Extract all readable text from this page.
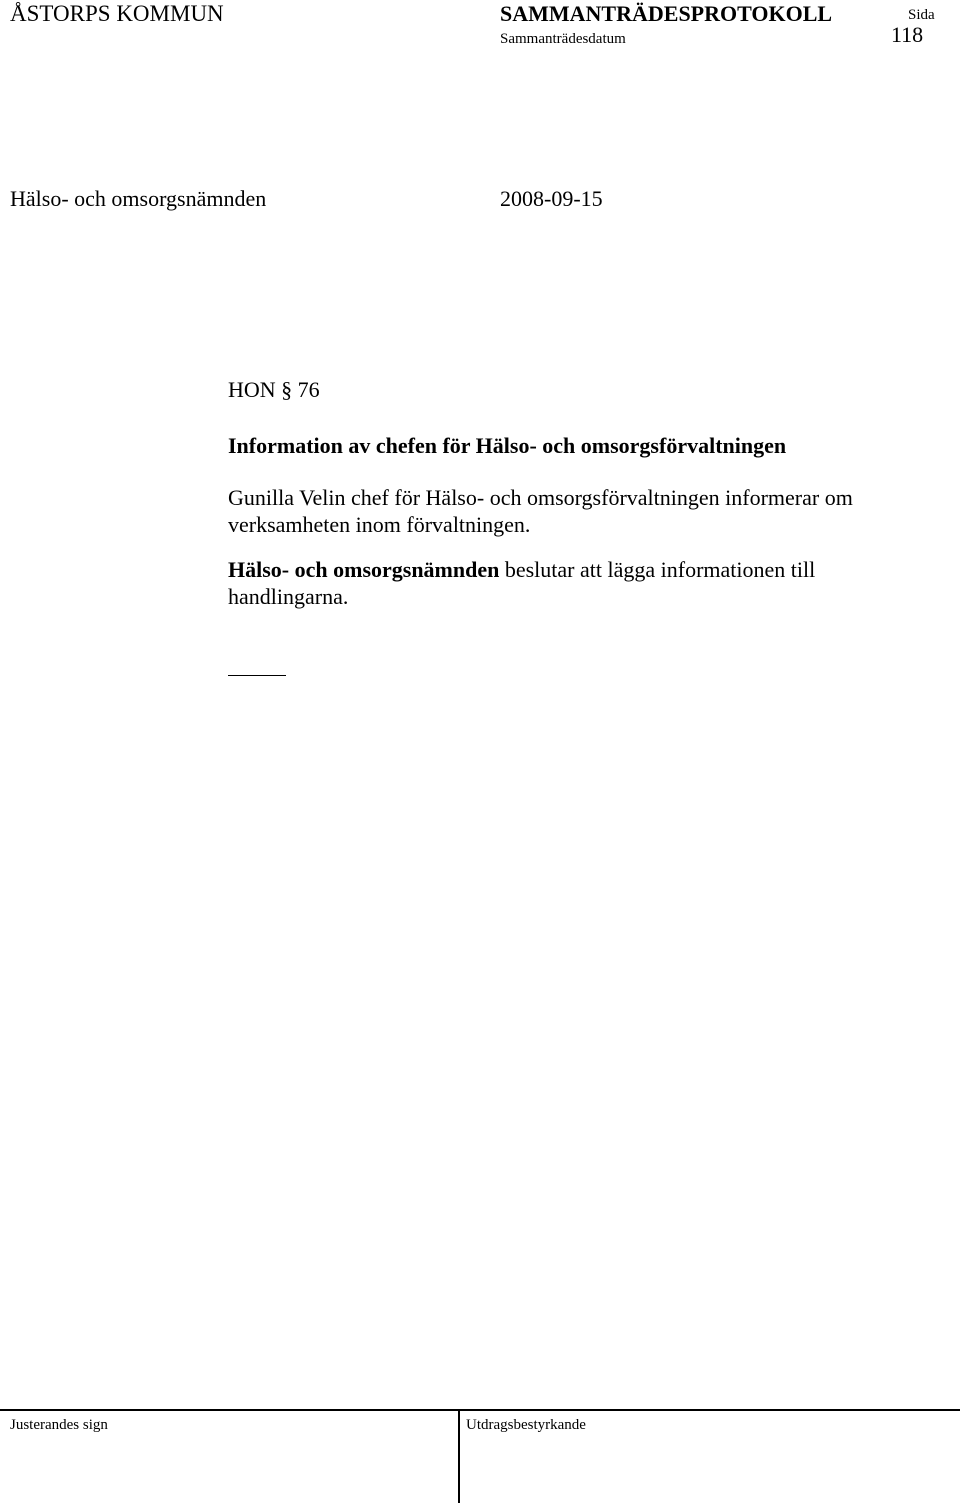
ÅSTORPS KOMMUN	SAMMANTRÄDESPROTOKOLL	Sida
118
Sammanträdesdatum
Hälso- och omsorgsnämnden	2008-09-15
HON § 76
Information av chefen för Hälso- och omsorgsförvaltningen

Gunilla Velin chef för Hälso- och omsorgsförvaltningen informerar om
verksamheten inom förvaltningen.

Hälso- och omsorgsnämnden beslutar att lägga informationen till handlingarna.

Justerandes sign	Utdragsbestyrkande
